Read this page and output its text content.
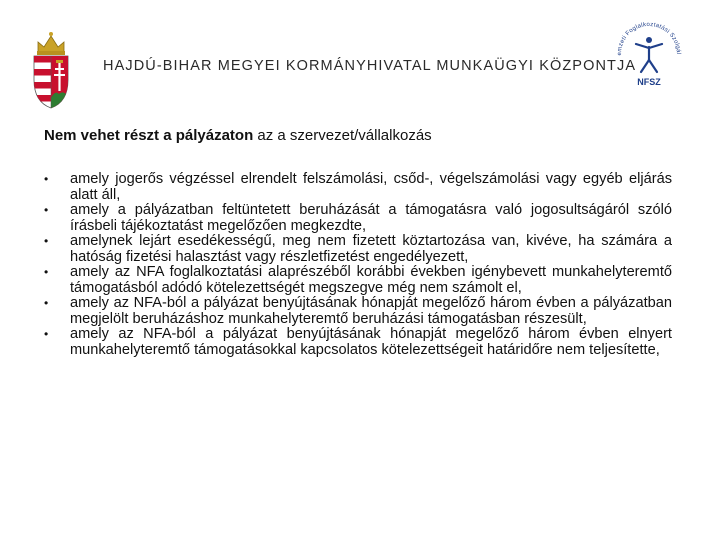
HAJDÚ-BIHAR MEGYEI KORMÁNYHIVATAL MUNKAÜGYI KÖZPONTJA
Nemzeti Foglalkoztatási Szolgálat
NFSZ
Nem vehet részt a pályázaton az a szervezet/vállalkozás
•	amely jogerős végzéssel elrendelt felszámolási, csőd-, végelszámolási vagy egyéb eljárás alatt áll,
•	amely a pályázatban feltüntetett beruházását a támogatásra való jogosultságáról szóló írásbeli tájékoztatást megelőzően megkezdte,
•	amelynek lejárt esedékességű, meg nem fizetett köztartozása van, kivéve, ha számára a hatóság fizetési halasztást vagy részletfizetést engedélyezett,
•	amely az NFA foglalkoztatási alaprészéből korábbi években igénybevett munkahelyteremtő támogatásból adódó kötelezettségét megszegve még nem számolt el,
•	amely az NFA-ból a pályázat benyújtásának hónapját megelőző három évben a pályázatban megjelölt beruházáshoz munkahelyteremtő beruházási támogatásban részesült,
•	amely az NFA-ból a pályázat benyújtásának hónapját megelőző három évben elnyert munkahelyteremtő támogatásokkal kapcsolatos kötelezettségeit határidőre nem teljesítette,
